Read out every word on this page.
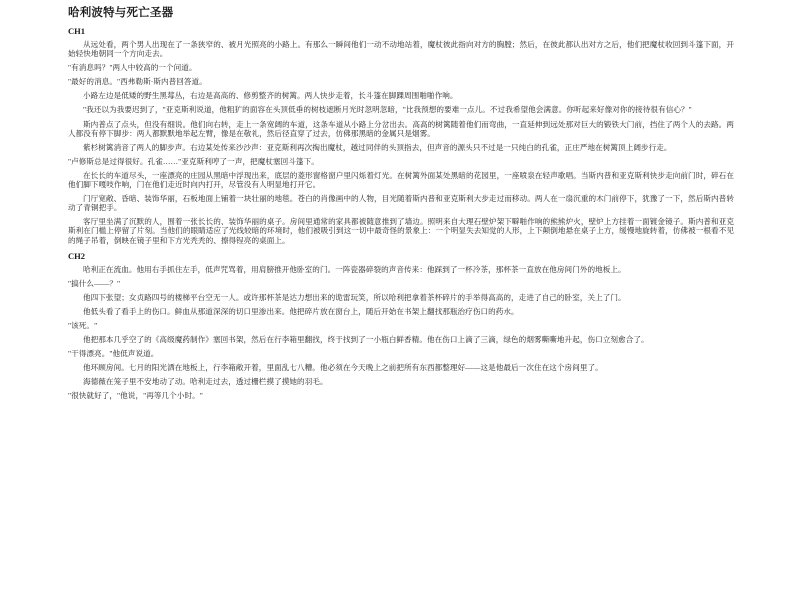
哈利波特与死亡圣器
CH1

从远处看，两个男人出现在了一条狭窄的、被月光照亮的小路上。有那么一瞬间他们一动不动地站着，魔杖彼此指向对方的胸膛；然后，在彼此都认出对方之后，他们把魔杖收回到斗篷下面，开始轻快地朝同一个方向走去。

"有消息吗？"两人中较高的一个问道。

"最好的消息。"西弗勒斯·斯内普回答道。

小路左边是低矮的野生黑莓丛，右边是高高的、修剪整齐的树篱。两人快步走着，长斗篷在脚踝周围啪啪作响。

"我还以为我要迟到了，"亚克斯利说道，他粗犷的面容在头顶低垂的树枝遮断月光时忽明忽暗，"比我预想的要难一点儿。不过我希望他会满意。你听起来好像对你的接待很有信心？"

斯内普点了点头，但没有细说。他们向右转，走上一条宽阔的车道，这条车道从小路上分岔出去。高高的树篱随着他们而弯曲，一直延伸到远处那对巨大的锻铁大门前，挡住了两个人的去路。两人都没有停下脚步：两人都默默地举起左臂，像是在敬礼，然后径直穿了过去，仿佛那黑暗的金属只是烟雾。

紫杉树篱消音了两人的脚步声。右边某处传来沙沙声：亚克斯利再次掏出魔杖，越过同伴的头顶指去，但声音的源头只不过是一只纯白的孔雀，正庄严地在树篱顶上阔步行走。

"卢修斯总是过得很好。孔雀……"亚克斯利哼了一声，把魔杖塞回斗篷下。

在长长的车道尽头，一座漂亮的庄园从黑暗中浮现出来，底层的菱形窗格窗户里闪烁着灯光。在树篱外面某处黑暗的花园里，一座喷泉在轻声歌唱。当斯内普和亚克斯利快步走向前门时，碎石在他们脚下嘎吱作响，门在他们走近时向内打开，尽管没有人明显地打开它。

门厅宽敞、昏暗、装饰华丽，石板地面上铺着一块壮丽的地毯。苍白的肖像画中的人物，目光随着斯内普和亚克斯利大步走过而移动。两人在一扇沉重的木门前停下，犹豫了一下，然后斯内普转动了青铜把手。

客厅里坐满了沉默的人，围着一张长长的、装饰华丽的桌子。房间里通常的家具都被随意推到了墙边。照明来自大理石壁炉架下噼啪作响的熊熊炉火，壁炉上方挂着一面镀金镜子。斯内普和亚克斯利在门槛上停留了片刻。当他们的眼睛适应了光线较暗的环境时，他们被吸引到这一切中最奇怪的景象上：一个明显失去知觉的人形，上下颠倒地悬在桌子上方，缓慢地旋转着，仿佛被一根看不见的绳子吊着，倒映在镜子里和下方光秃秃的、擦得锃亮的桌面上。

CH2

哈利正在流血。他用右手抓住左手，低声咒骂着，用肩膀推开他卧室的门。一阵瓷器碎裂的声音传来：他踩到了一杯冷茶，那杯茶一直放在他房间门外的地板上。

"搞什么——？"

他四下张望；女贞路四号的楼梯平台空无一人。或许那杯茶是达力想出来的诡雷玩笑，所以哈利把拿着茶杯碎片的手举得高高的，走进了自己的卧室，关上了门。

他低头看了看手上的伤口。鲜血从那道深深的切口里渗出来。他把碎片放在窗台上，随后开始在书架上翻找那瓶治疗伤口的药水。

"该死。"

他把那本几乎空了的《高级魔药制作》塞回书架，然后在行李箱里翻找，终于找到了一小瓶白鲜香精。他在伤口上滴了三滴，绿色的烟雾嘶嘶地升起，伤口立刻愈合了。

"干得漂亮。"他低声说道。

他环顾房间。七月的阳光洒在地板上，行李箱敞开着，里面乱七八糟。他必须在今天晚上之前把所有东西都整理好——这是他最后一次住在这个房间里了。

海德薇在笼子里不安地动了动。哈利走过去，透过栅栏摸了摸她的羽毛。

"很快就好了，"他说，"再等几个小时。"
